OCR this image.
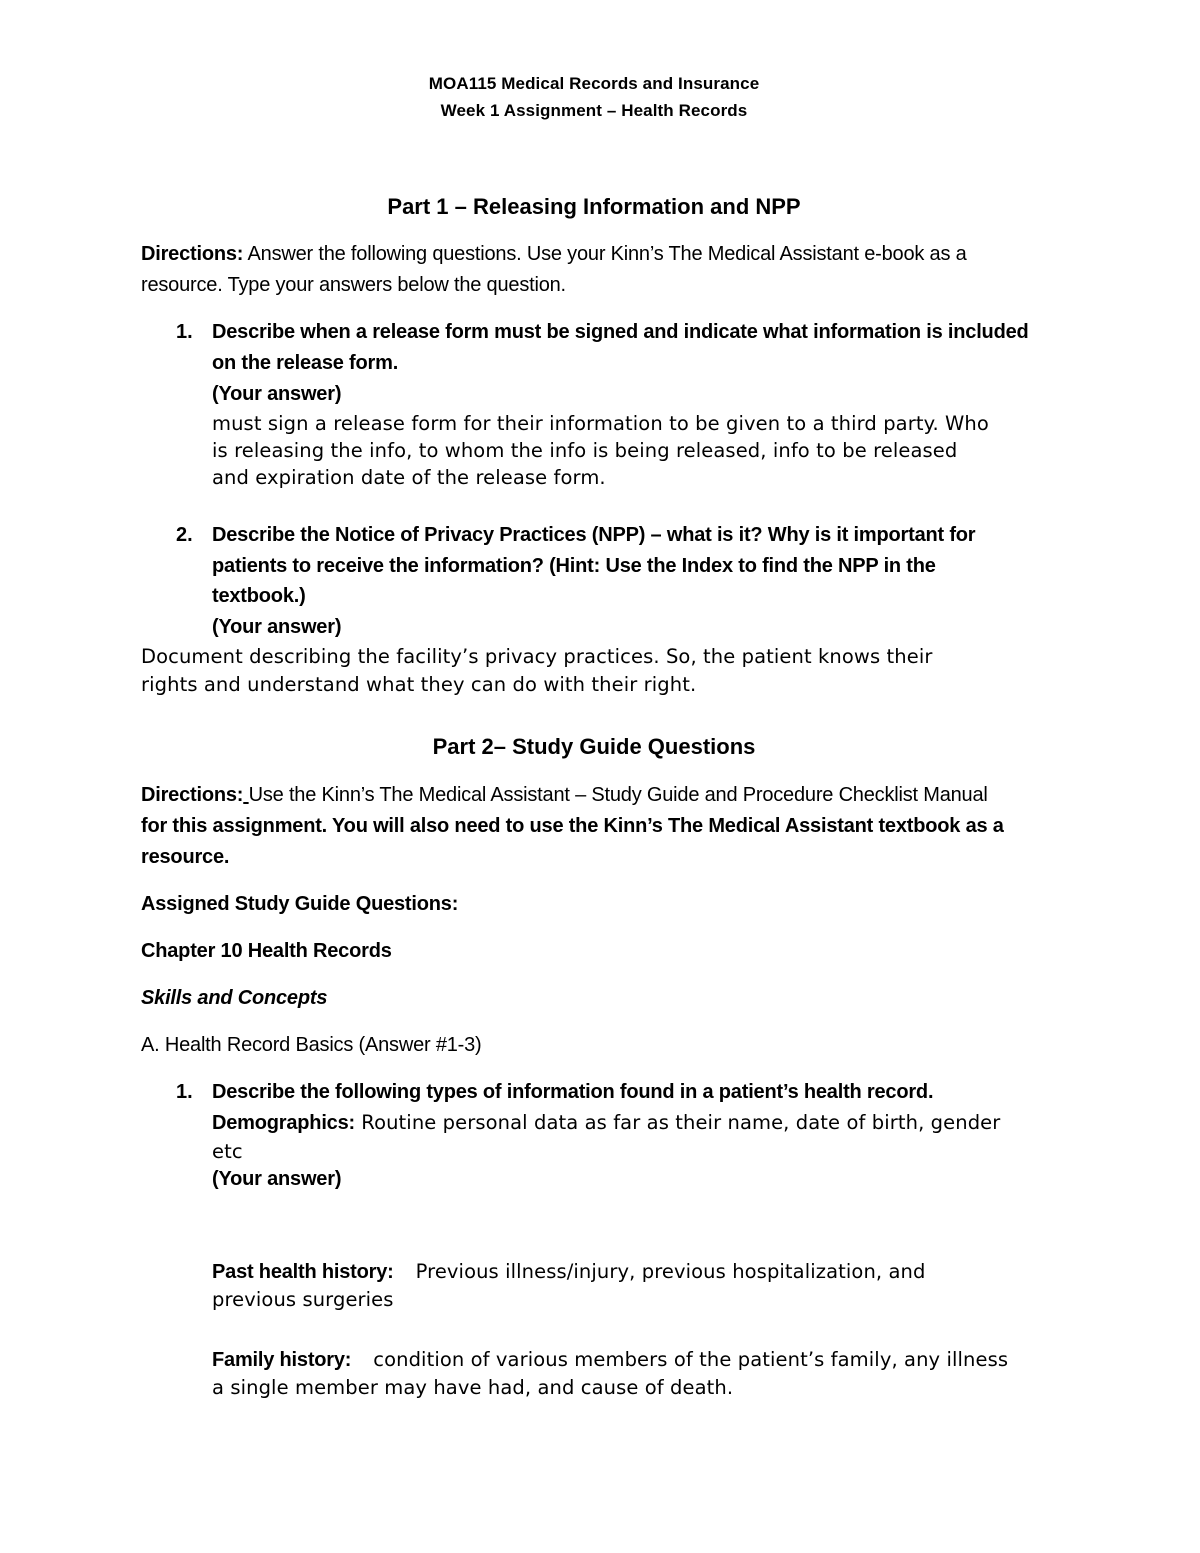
MOA115 Medical Records and Insurance
Week 1 Assignment – Health Records
Part 1 – Releasing Information and NPP
Directions: Answer the following questions. Use your Kinn’s The Medical Assistant e-book as a
resource. Type your answers below the question.
1. Describe when a release form must be signed and indicate what information is included
on the release form.
(Your answer)
must sign a release form for their information to be given to a third party. Who
is releasing the info, to whom the info is being released, info to be released
and expiration date of the release form.
2. Describe the Notice of Privacy Practices (NPP) – what is it? Why is it important for
patients to receive the information? (Hint: Use the Index to find the NPP in the
textbook.)
(Your answer)
Document describing the facility’s privacy practices. So, the patient knows their
rights and understand what they can do with their right.
Part 2– Study Guide Questions
Directions: Use the Kinn’s The Medical Assistant – Study Guide and Procedure Checklist Manual
for this assignment. You will also need to use the Kinn’s The Medical Assistant textbook as a
resource.
Assigned Study Guide Questions:
Chapter 10 Health Records
Skills and Concepts
A. Health Record Basics (Answer #1-3)
1. Describe the following types of information found in a patient’s health record.
Demographics: Routine personal data as far as their name, date of birth, gender
etc
(Your answer)
Past health history: Previous illness/injury, previous hospitalization, and
previous surgeries
Family history: condition of various members of the patient’s family, any illness
a single member may have had, and cause of death.
